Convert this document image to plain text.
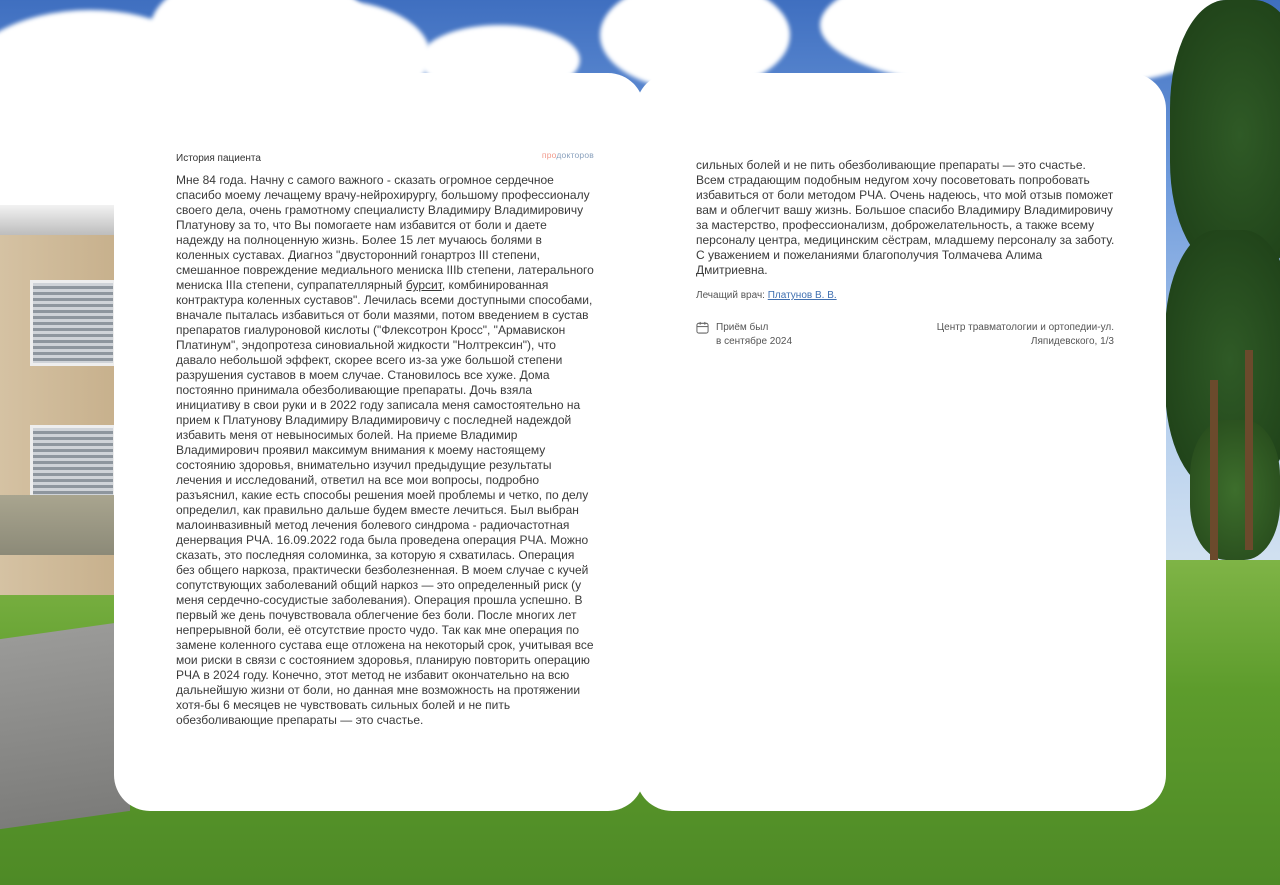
История пациента	продокторов
Мне 84 года. Начну с самого важного - сказать огромное сердечное спасибо моему лечащему врачу-нейрохирургу, большому профессионалу своего дела, очень грамотному специалисту Владимиру Владимировичу Платунову за то, что Вы помогаете нам избавится от боли и даете надежду на полноценную жизнь. Более 15 лет мучаюсь болями в коленных суставах. Диагноз "двусторонний гонартроз III степени, смешанное повреждение медиального мениска IIIb степени, латерального мениска IIIa степени, супрапателлярный бурсит, комбинированная контрактура коленных суставов". Лечилась всеми доступными способами, вначале пыталась избавиться от боли мазями, потом введением в сустав препаратов гиалуроновой кислоты ("Флексотрон Кросс", "Армавискон Платинум", эндопротеза синовиальной жидкости "Нолтрексин"), что давало небольшой эффект, скорее всего из-за уже большой степени разрушения суставов в моем случае. Становилось все хуже. Дома постоянно принимала обезболивающие препараты. Дочь взяла инициативу в свои руки и в 2022 году записала меня самостоятельно на прием к Платунову Владимиру Владимировичу с последней надеждой избавить меня от невыносимых болей. На приеме Владимир Владимирович проявил максимум внимания к моему настоящему состоянию здоровья, внимательно изучил предыдущие результаты лечения и исследований, ответил на все мои вопросы, подробно разъяснил, какие есть способы решения моей проблемы и четко, по делу определил, как правильно дальше будем вместе лечиться. Был выбран малоинвазивный метод лечения болевого синдрома - радиочастотная денервация РЧА. 16.09.2022 года была проведена операция РЧА. Можно сказать, это последняя соломинка, за которую я схватилась. Операция без общего наркоза, практически безболезненная. В моем случае с кучей сопутствующих заболеваний общий наркоз — это определенный риск (у меня сердечно-сосудистые заболевания). Операция прошла успешно. В первый же день почувствовала облегчение без боли. После многих лет непрерывной боли, её отсутствие просто чудо. Так как мне операция по замене коленного сустава еще отложена на некоторый срок, учитывая все мои риски в связи с состоянием здоровья, планирую повторить операцию РЧА в 2024 году. Конечно, этот метод не избавит окончательно на всю дальнейшую жизни от боли, но данная мне возможность на протяжении хотя-бы 6 месяцев не чувствовать сильных болей и не пить обезболивающие препараты — это счастье.
сильных болей и не пить обезболивающие препараты — это счастье. Всем страдающим подобным недугом хочу посоветовать попробовать избавиться от боли методом РЧА. Очень надеюсь, что мой отзыв поможет вам и облегчит вашу жизнь. Большое спасибо Владимиру Владимировичу за мастерство, профессионализм, доброжелательность, а также всему персоналу центра, медицинским сёстрам, младшему персоналу за заботу. С уважением и пожеланиями благополучия Толмачева Алима Дмитриевна.
Лечащий врач: Платунов В. В.
Приём был
в сентябре 2024
Центр травматологии и ортопедии-ул.
Ляпидевского, 1/3
